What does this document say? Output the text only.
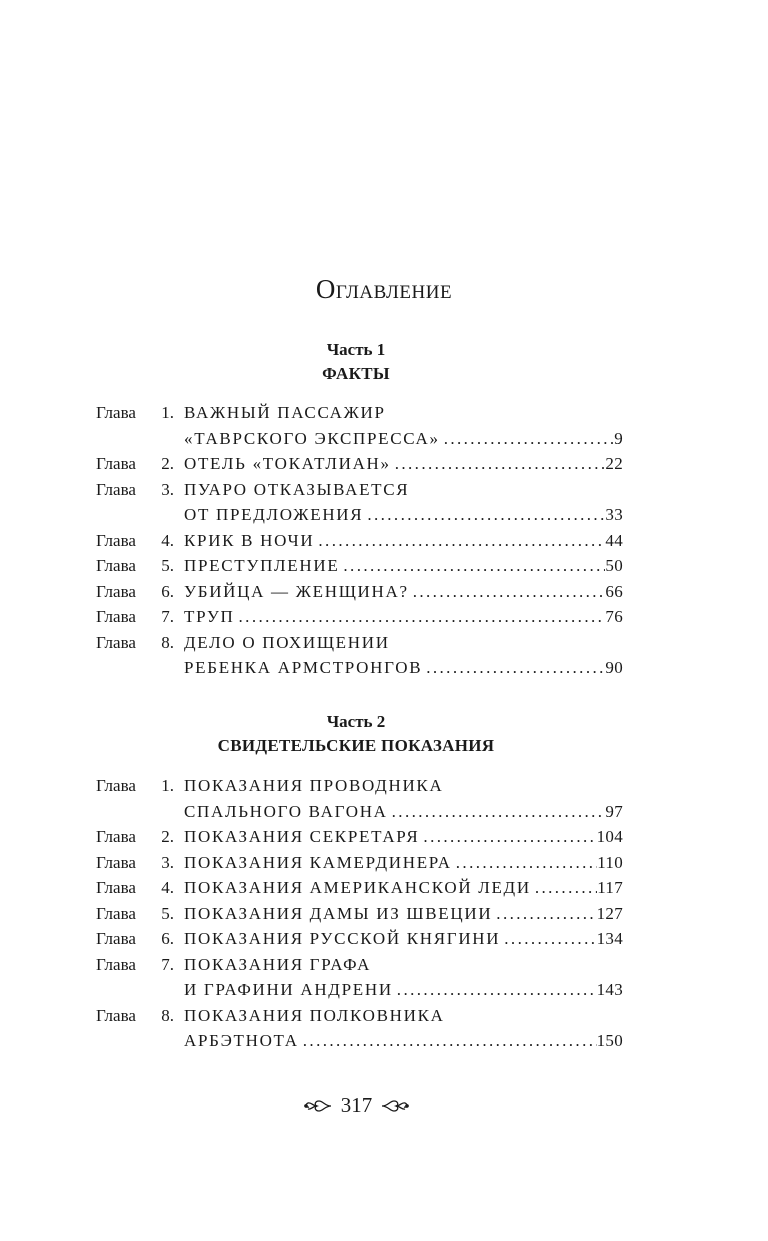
Оглавление
Часть 1
ФАКТЫ
Глава	1. ВАЖНЫЙ ПАССАЖИР
«ТАВРСКОГО ЭКСПРЕССА» .....	9
Глава	2. ОТЕЛЬ «ТОКАТЛИАН» .....	22
Глава	3. ПУАРО ОТКАЗЫВАЕТСЯ
ОТ ПРЕДЛОЖЕНИЯ .....	33
Глава	4. КРИК В НОЧИ .....	44
Глава	5. ПРЕСТУПЛЕНИЕ .....	50
Глава	6. УБИЙЦА — ЖЕНЩИНА? .....	66
Глава	7. ТРУП .....	76
Глава	8. ДЕЛО О ПОХИЩЕНИИ
РЕБЕНКА АРМСТРОНГОВ .....	90
Часть 2
СВИДЕТЕЛЬСКИЕ ПОКАЗАНИЯ
Глава	1. ПОКАЗАНИЯ ПРОВОДНИКА
СПАЛЬНОГО ВАГОНА .....	97
Глава	2. ПОКАЗАНИЯ СЕКРЕТАРЯ .....	104
Глава	3. ПОКАЗАНИЯ КАМЕРДИНЕРА .....	110
Глава	4. ПОКАЗАНИЯ АМЕРИКАНСКОЙ ЛЕДИ .....	117
Глава	5. ПОКАЗАНИЯ ДАМЫ ИЗ ШВЕЦИИ .....	127
Глава	6. ПОКАЗАНИЯ РУССКОЙ КНЯГИНИ .....	134
Глава	7. ПОКАЗАНИЯ ГРАФА
И ГРАФИНИ АНДРЕНИ .....	143
Глава	8. ПОКАЗАНИЯ ПОЛКОВНИКА
АРБЭТНОТА .....	150
317
